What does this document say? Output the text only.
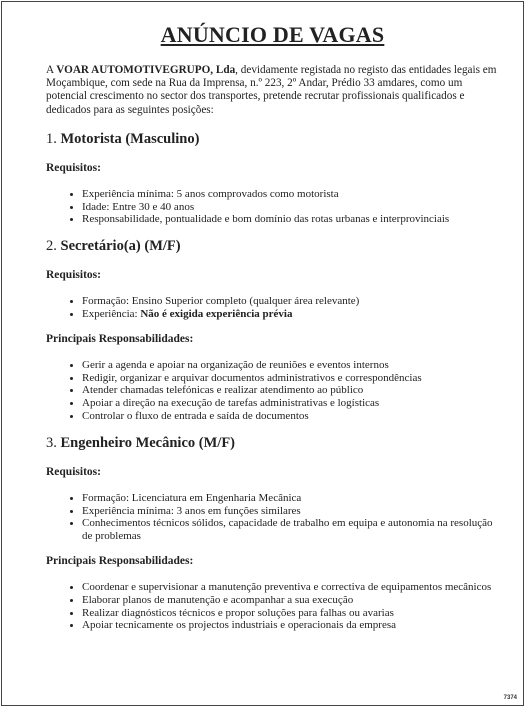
ANÚNCIO DE VAGAS

A VOAR AUTOMOTIVEGRUPO, Lda, devidamente registada no registo das entidades legais em Moçambique, com sede na Rua da Imprensa, n.º 223, 2º Andar, Prédio 33 amdares, como um potencial crescimento no sector dos transportes, pretende recrutar profissionais qualificados e dedicados para as seguintes posições:

1. Motorista (Masculino)
Requisitos:
• Experiência mínima: 5 anos comprovados como motorista
• Idade: Entre 30 e 40 anos
• Responsabilidade, pontualidade e bom domínio das rotas urbanas e interprovinciais
2. Secretário(a) (M/F)
Requisitos:
• Formação: Ensino Superior completo (qualquer área relevante)
• Experiência: Não é exigida experiência prévia
Principais Responsabilidades:
• Gerir a agenda e apoiar na organização de reuniões e eventos internos
• Redigir, organizar e arquivar documentos administrativos e correspondências
• Atender chamadas telefónicas e realizar atendimento ao público
• Apoiar a direção na execução de tarefas administrativas e logísticas
• Controlar o fluxo de entrada e saída de documentos
3. Engenheiro Mecânico (M/F)
Requisitos:
• Formação: Licenciatura em Engenharia Mecânica
• Experiência mínima: 3 anos em funções similares
• Conhecimentos técnicos sólidos, capacidade de trabalho em equipa e autonomia na resolução de problemas
Principais Responsabilidades:
• Coordenar e supervisionar a manutenção preventiva e correctiva de equipamentos mecânicos
• Elaborar planos de manutenção e acompanhar a sua execução
• Realizar diagnósticos técnicos e propor soluções para falhas ou avarias
• Apoiar tecnicamente os projectos industriais e operacionais da empresa
7374
